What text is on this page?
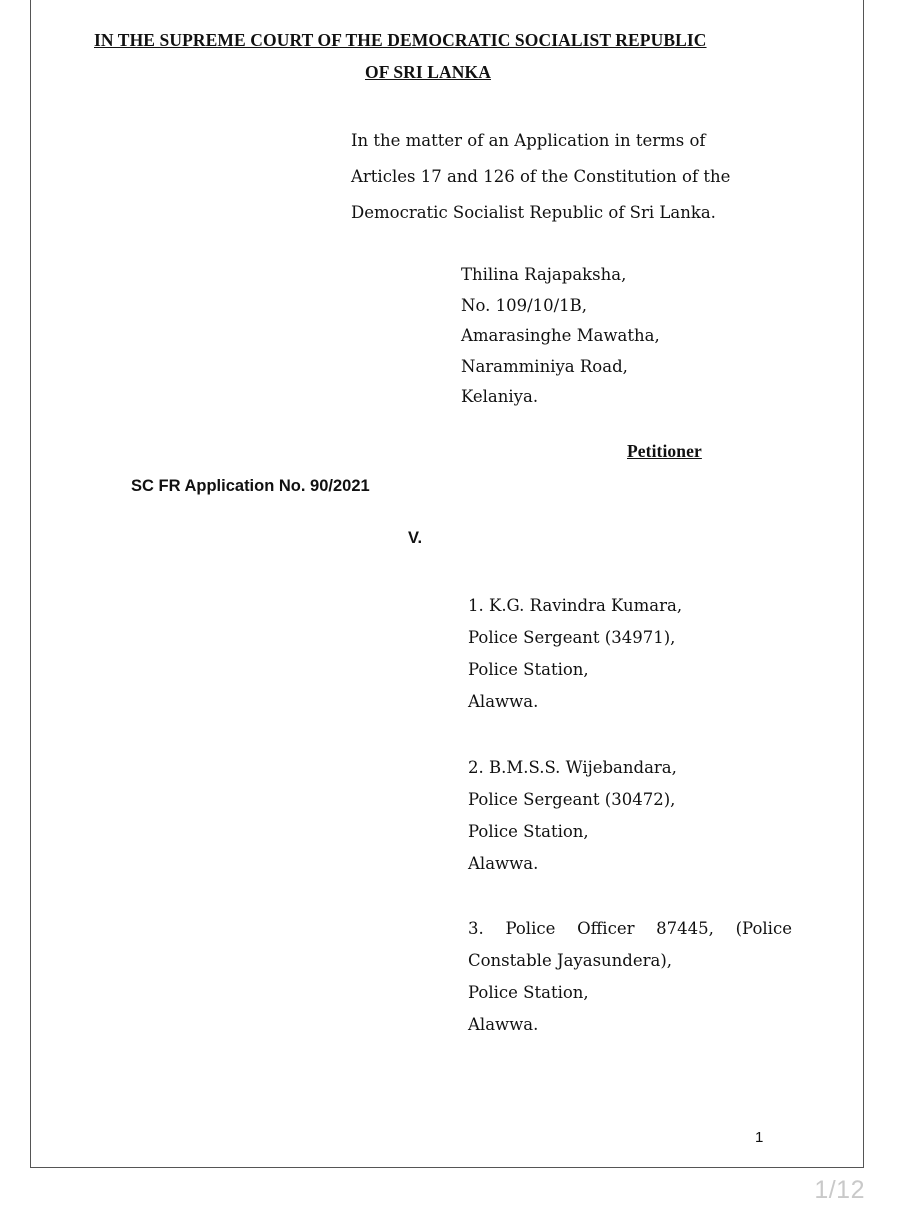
IN THE SUPREME COURT OF THE DEMOCRATIC SOCIALIST REPUBLIC
OF SRI LANKA
In the matter of an Application in terms of
Articles 17 and 126 of the Constitution of the
Democratic Socialist Republic of Sri Lanka.
Thilina Rajapaksha,
No. 109/10/1B,
Amarasinghe Mawatha,
Naramminiya Road,
Kelaniya.
Petitioner
SC FR Application No. 90/2021
V.
1. K.G. Ravindra Kumara,
Police Sergeant (34971),
Police Station,
Alawwa.
2. B.M.S.S. Wijebandara,
Police Sergeant (30472),
Police Station,
Alawwa.
3. Police Officer 87445, (Police
Constable Jayasundera),
Police Station,
Alawwa.
1
1/12
